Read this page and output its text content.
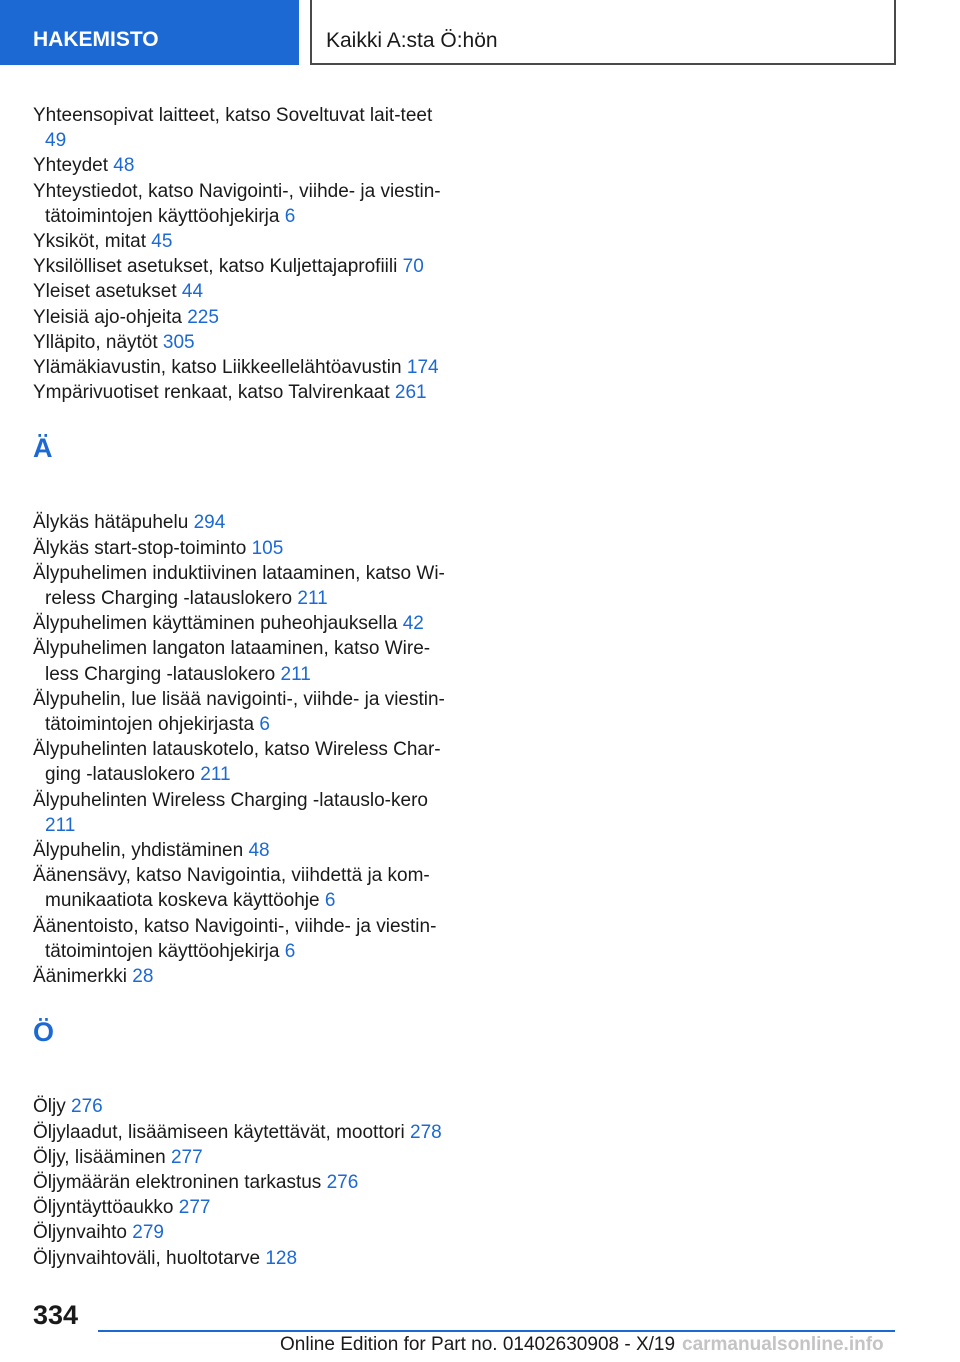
HAKEMISTO	Kaikki A:sta Ö:hön
Yhteensopivat laitteet, katso Soveltuvat lait-teet 49
Yhteydet 48
Yhteystiedot, katso Navigointi-, viihde- ja viestin-tätoimintojen käyttöohjekirja 6
Yksiköt, mitat 45
Yksilölliset asetukset, katso Kuljettajaprofiili 70
Yleiset asetukset 44
Yleisiä ajo-ohjeita 225
Ylläpito, näytöt 305
Ylämäkiavustin, katso Liikkeellelähtöavustin 174
Ympärivuotiset renkaat, katso Talvirenkaat 261
Ä
Älykäs hätäpuhelu 294
Älykäs start-stop-toiminto 105
Älypuhelimen induktiivinen lataaminen, katso Wi-reless Charging -latauslokero 211
Älypuhelimen käyttäminen puheohjauksella 42
Älypuhelimen langaton lataaminen, katso Wire-less Charging -latauslokero 211
Älypuhelin, lue lisää navigointi-, viihde- ja viestin-tätoimintojen ohjekirjasta 6
Älypuhelinten latauskotelo, katso Wireless Char-ging -latauslokero 211
Älypuhelinten Wireless Charging -latauslo-kero 211
Älypuhelin, yhdistäminen 48
Äänensävy, katso Navigointia, viihdettä ja kom-munikaatiota koskeva käyttöohje 6
Äänentoisto, katso Navigointi-, viihde- ja viestin-tätoimintojen käyttöohjekirja 6
Äänimerkki 28
Ö
Öljy 276
Öljylaadut, lisäämiseen käytettävät, moottori 278
Öljy, lisääminen 277
Öljymäärän elektroninen tarkastus 276
Öljyntäyttöaukko 277
Öljynvaihto 279
Öljynvaihtoväli, huoltotarve 128
334
Online Edition for Part no. 01402630908 - X/19 carmanualsonline.info
